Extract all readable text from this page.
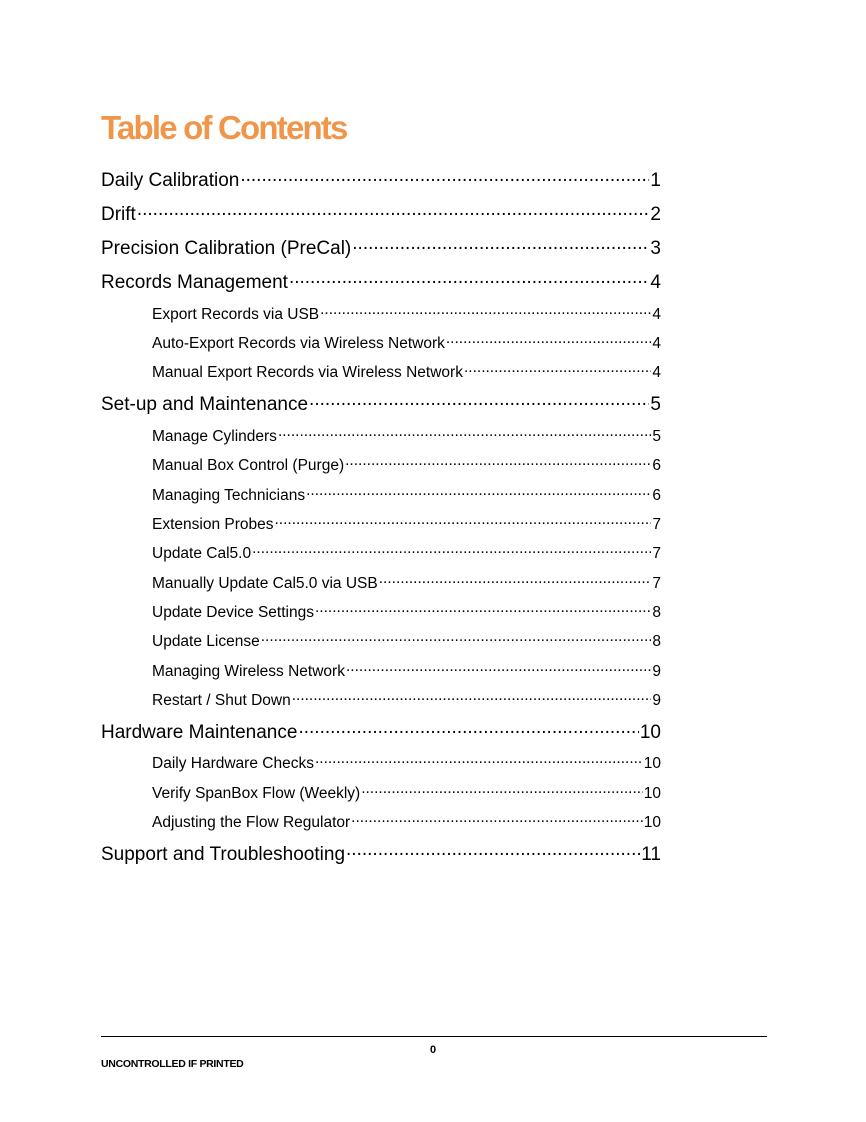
Table of Contents
Daily Calibration .....	1
Drift .....	2
Precision Calibration (PreCal) .....	3
Records Management .....	4
Export Records via USB .....	4
Auto-Export Records via Wireless Network .....	4
Manual Export Records via Wireless Network .....	4
Set-up and Maintenance .....	5
Manage Cylinders .....	5
Manual Box Control (Purge) .....	6
Managing Technicians .....	6
Extension Probes .....	7
Update Cal5.0 .....	7
Manually Update Cal5.0 via USB .....	7
Update Device Settings .....	8
Update License .....	8
Managing Wireless Network .....	9
Restart / Shut Down .....	9
Hardware Maintenance .....	10
Daily Hardware Checks .....	10
Verify SpanBox Flow (Weekly) .....	10
Adjusting the Flow Regulator .....	10
Support and Troubleshooting .....	11
0
UNCONTROLLED IF PRINTED
